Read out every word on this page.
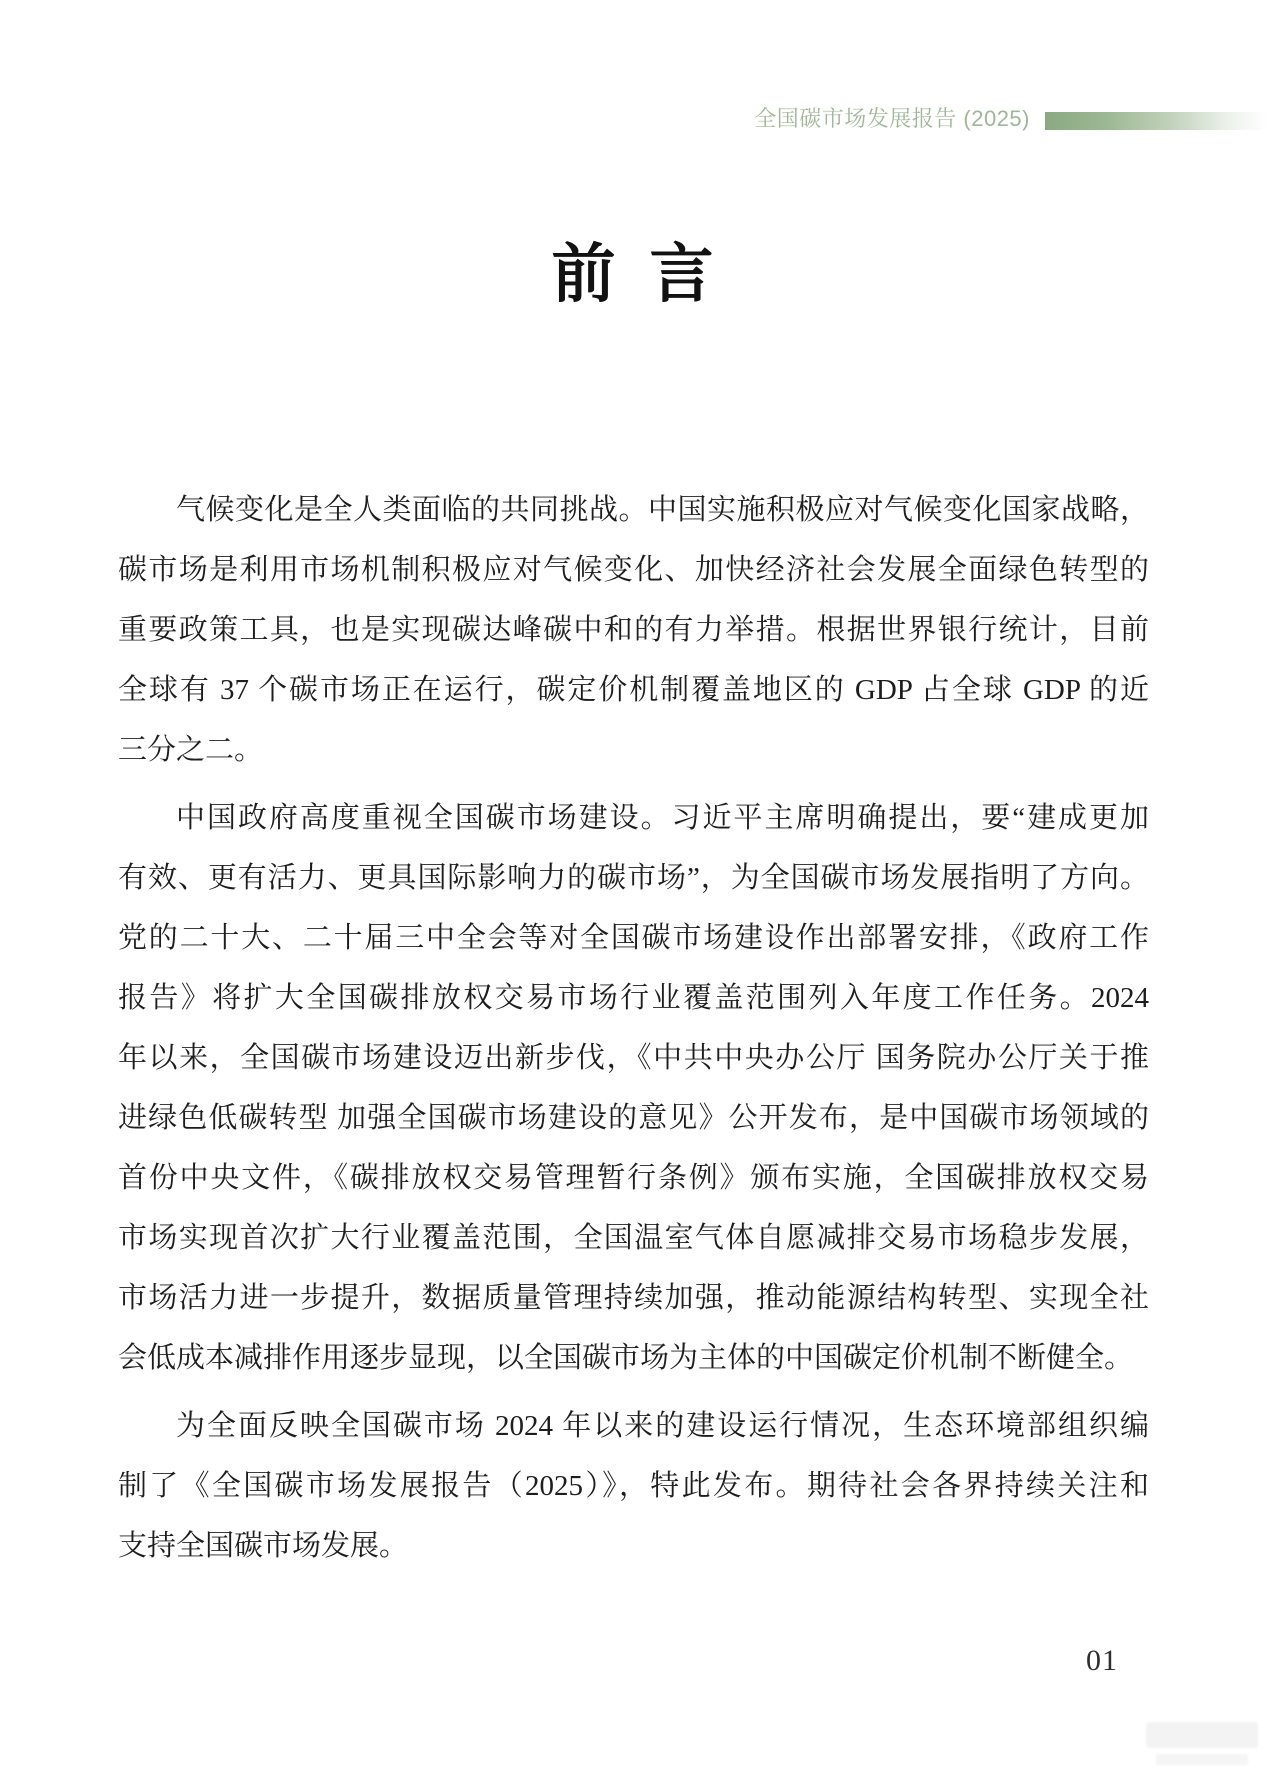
全国碳市场发展报告 (2025)
前 言
气候变化是全人类面临的共同挑战。中国实施积极应对气候变化国家战略，
碳市场是利用市场机制积极应对气候变化、加快经济社会发展全面绿色转型的
重要政策工具，也是实现碳达峰碳中和的有力举措。根据世界银行统计，目前
全球有 37 个碳市场正在运行，碳定价机制覆盖地区的 GDP 占全球 GDP 的近
三分之二。
中国政府高度重视全国碳市场建设。习近平主席明确提出，要“建成更加
有效、更有活力、更具国际影响力的碳市场”，为全国碳市场发展指明了方向。
党的二十大、二十届三中全会等对全国碳市场建设作出部署安排，《政府工作
报告》将扩大全国碳排放权交易市场行业覆盖范围列入年度工作任务。2024
年以来，全国碳市场建设迈出新步伐，《中共中央办公厅 国务院办公厅关于推
进绿色低碳转型 加强全国碳市场建设的意见》公开发布，是中国碳市场领域的
首份中央文件，《碳排放权交易管理暂行条例》颁布实施，全国碳排放权交易
市场实现首次扩大行业覆盖范围，全国温室气体自愿减排交易市场稳步发展，
市场活力进一步提升，数据质量管理持续加强，推动能源结构转型、实现全社
会低成本减排作用逐步显现，以全国碳市场为主体的中国碳定价机制不断健全。
为全面反映全国碳市场 2024 年以来的建设运行情况，生态环境部组织编
制了《全国碳市场发展报告（2025）》，特此发布。期待社会各界持续关注和
支持全国碳市场发展。
01
